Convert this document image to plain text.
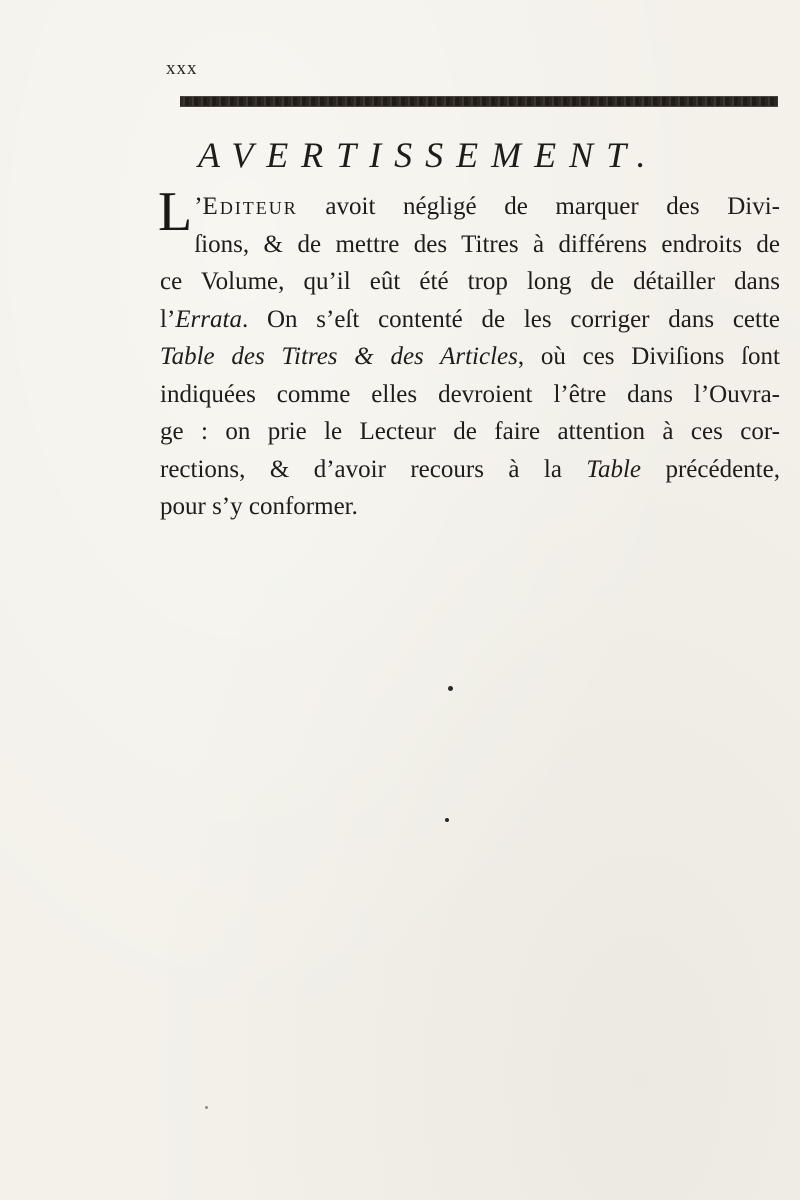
xxx
AVERTISSEMENT.
L ’Editeur avoit négligé de marquer des Divi-
ſions, & de mettre des Titres à différens endroits de
ce Volume, qu’il eût été trop long de détailler dans
l’Errata. On s’eſt contenté de les corriger dans cette
Table des Titres & des Articles, où ces Diviſions ſont
indiquées comme elles devroient l’être dans l’Ouvra-
ge : on prie le Lecteur de faire attention à ces cor-
rections, & d’avoir recours à la Table précédente,
pour s’y conformer.
